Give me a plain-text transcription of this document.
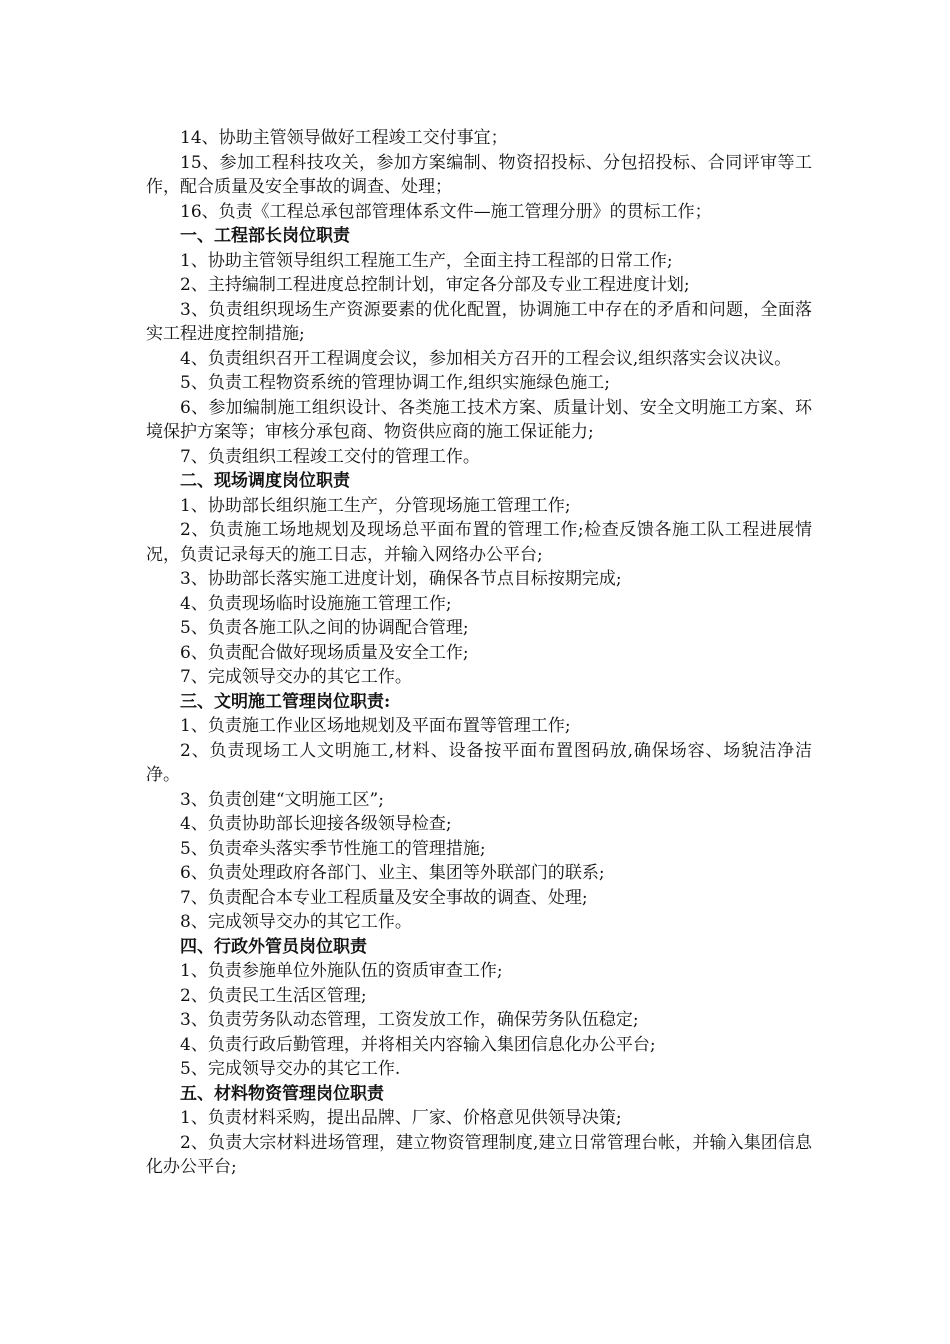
14、协助主管领导做好工程竣工交付事宜；

15、参加工程科技攻关，参加方案编制、物资招投标、分包招投标、合同评审等工作，配合质量及安全事故的调查、处理；

16、负责《工程总承包部管理体系文件—施工管理分册》的贯标工作；

一、工程部长岗位职责

1、协助主管领导组织工程施工生产，全面主持工程部的日常工作;

2、主持编制工程进度总控制计划，审定各分部及专业工程进度计划;

3、负责组织现场生产资源要素的优化配置，协调施工中存在的矛盾和问题，全面落实工程进度控制措施;

4、负责组织召开工程调度会议，参加相关方召开的工程会议,组织落实会议决议。

5、负责工程物资系统的管理协调工作,组织实施绿色施工;

6、参加编制施工组织设计、各类施工技术方案、质量计划、安全文明施工方案、环境保护方案等；审核分承包商、物资供应商的施工保证能力;

7、负责组织工程竣工交付的管理工作。

二、现场调度岗位职责

1、协助部长组织施工生产，分管现场施工管理工作;

2、负责施工场地规划及现场总平面布置的管理工作;检查反馈各施工队工程进展情况，负责记录每天的施工日志，并输入网络办公平台;

3、协助部长落实施工进度计划，确保各节点目标按期完成;

4、负责现场临时设施施工管理工作;

5、负责各施工队之间的协调配合管理;

6、负责配合做好现场质量及安全工作;

7、完成领导交办的其它工作。

三、文明施工管理岗位职责:

1、负责施工作业区场地规划及平面布置等管理工作;

2、负责现场工人文明施工,材料、设备按平面布置图码放,确保场容、场貌洁净洁净。

3、负责创建“文明施工区”;

4、负责协助部长迎接各级领导检查;

5、负责牵头落实季节性施工的管理措施;

6、负责处理政府各部门、业主、集团等外联部门的联系;

7、负责配合本专业工程质量及安全事故的调查、处理;

8、完成领导交办的其它工作。

四、行政外管员岗位职责

1、负责参施单位外施队伍的资质审查工作;

2、负责民工生活区管理;

3、负责劳务队动态管理，工资发放工作，确保劳务队伍稳定;

4、负责行政后勤管理，并将相关内容输入集团信息化办公平台;

5、完成领导交办的其它工作.

五、材料物资管理岗位职责

1、负责材料采购，提出品牌、厂家、价格意见供领导决策;

2、负责大宗材料进场管理，建立物资管理制度,建立日常管理台帐，并输入集团信息化办公平台;
